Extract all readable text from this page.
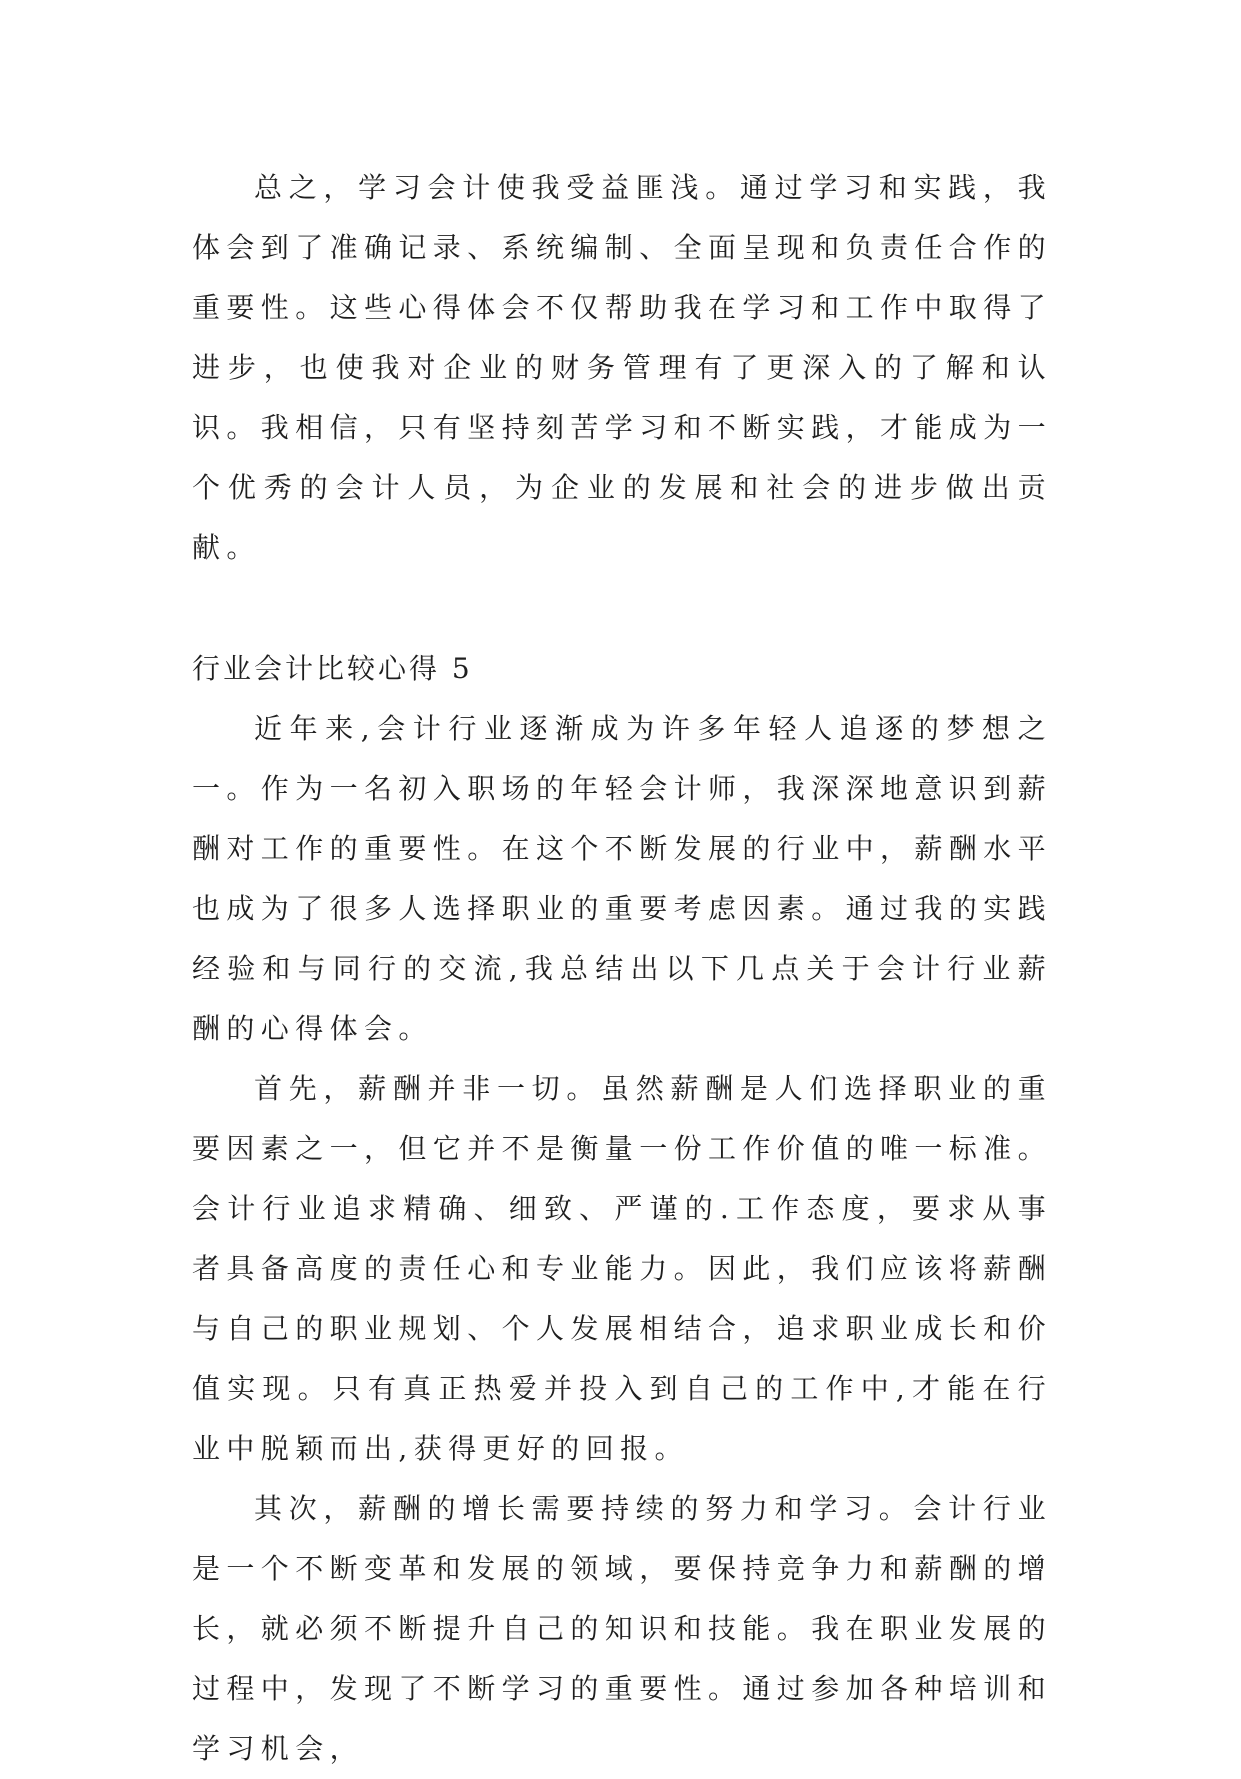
总之，学习会计使我受益匪浅。通过学习和实践，我体会到了准确记录、系统编制、全面呈现和负责任合作的重要性。这些心得体会不仅帮助我在学习和工作中取得了进步，也使我对企业的财务管理有了更深入的了解和认识。我相信，只有坚持刻苦学习和不断实践，才能成为一个优秀的会计人员，为企业的发展和社会的进步做出贡献。

行业会计比较心得 5

近年来,会计行业逐渐成为许多年轻人追逐的梦想之一。作为一名初入职场的年轻会计师，我深深地意识到薪酬对工作的重要性。在这个不断发展的行业中，薪酬水平也成为了很多人选择职业的重要考虑因素。通过我的实践经验和与同行的交流,我总结出以下几点关于会计行业薪酬的心得体会。

首先，薪酬并非一切。虽然薪酬是人们选择职业的重要因素之一，但它并不是衡量一份工作价值的唯一标准。会计行业追求精确、细致、严谨的.工作态度，要求从事者具备高度的责任心和专业能力。因此，我们应该将薪酬与自己的职业规划、个人发展相结合，追求职业成长和价值实现。只有真正热爱并投入到自己的工作中,才能在行业中脱颖而出,获得更好的回报。

其次，薪酬的增长需要持续的努力和学习。会计行业是一个不断变革和发展的领域，要保持竞争力和薪酬的增长，就必须不断提升自己的知识和技能。我在职业发展的过程中，发现了不断学习的重要性。通过参加各种培训和学习机会，
